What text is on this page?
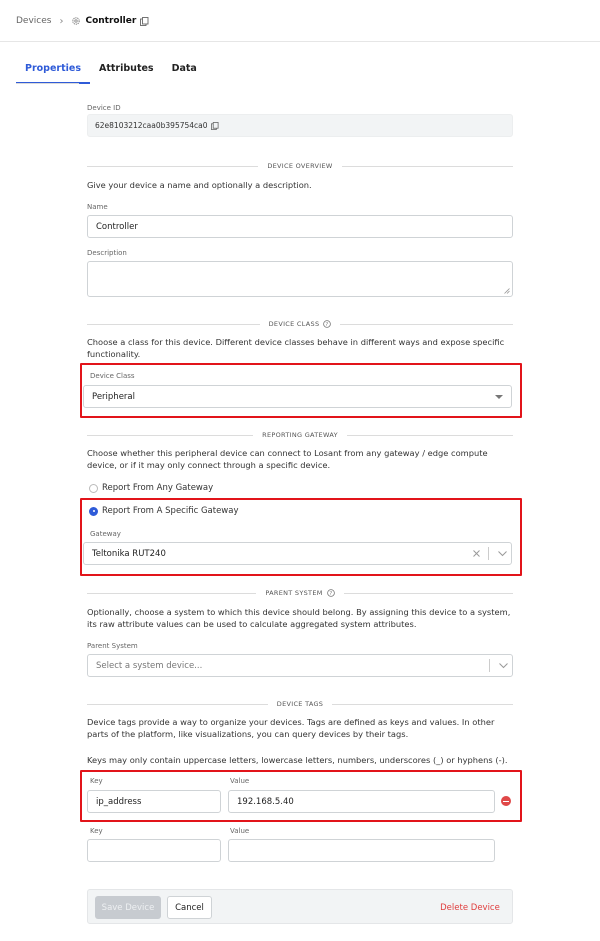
Devices › Controller
Properties	Attributes	Data
Device ID
62e8103212caa0b395754ca0
DEVICE OVERVIEW
Give your device a name and optionally a description.
Name
Controller
Description
DEVICE CLASS ?
Choose a class for this device. Different device classes behave in different ways and expose specific functionality.
Device Class
Peripheral
REPORTING GATEWAY
Choose whether this peripheral device can connect to Losant from any gateway / edge compute device, or if it may only connect through a specific device.
Report From Any Gateway
Report From A Specific Gateway
Gateway
Teltonika RUT240
PARENT SYSTEM ?
Optionally, choose a system to which this device should belong. By assigning this device to a system, its raw attribute values can be used to calculate aggregated system attributes.
Parent System
Select a system device...
DEVICE TAGS
Device tags provide a way to organize your devices. Tags are defined as keys and values. In other parts of the platform, like visualizations, you can query devices by their tags.
Keys may only contain uppercase letters, lowercase letters, numbers, underscores (_) or hyphens (-).
Key	Value
ip_address	192.168.5.40
Key	Value
Save Device	Cancel	Delete Device
